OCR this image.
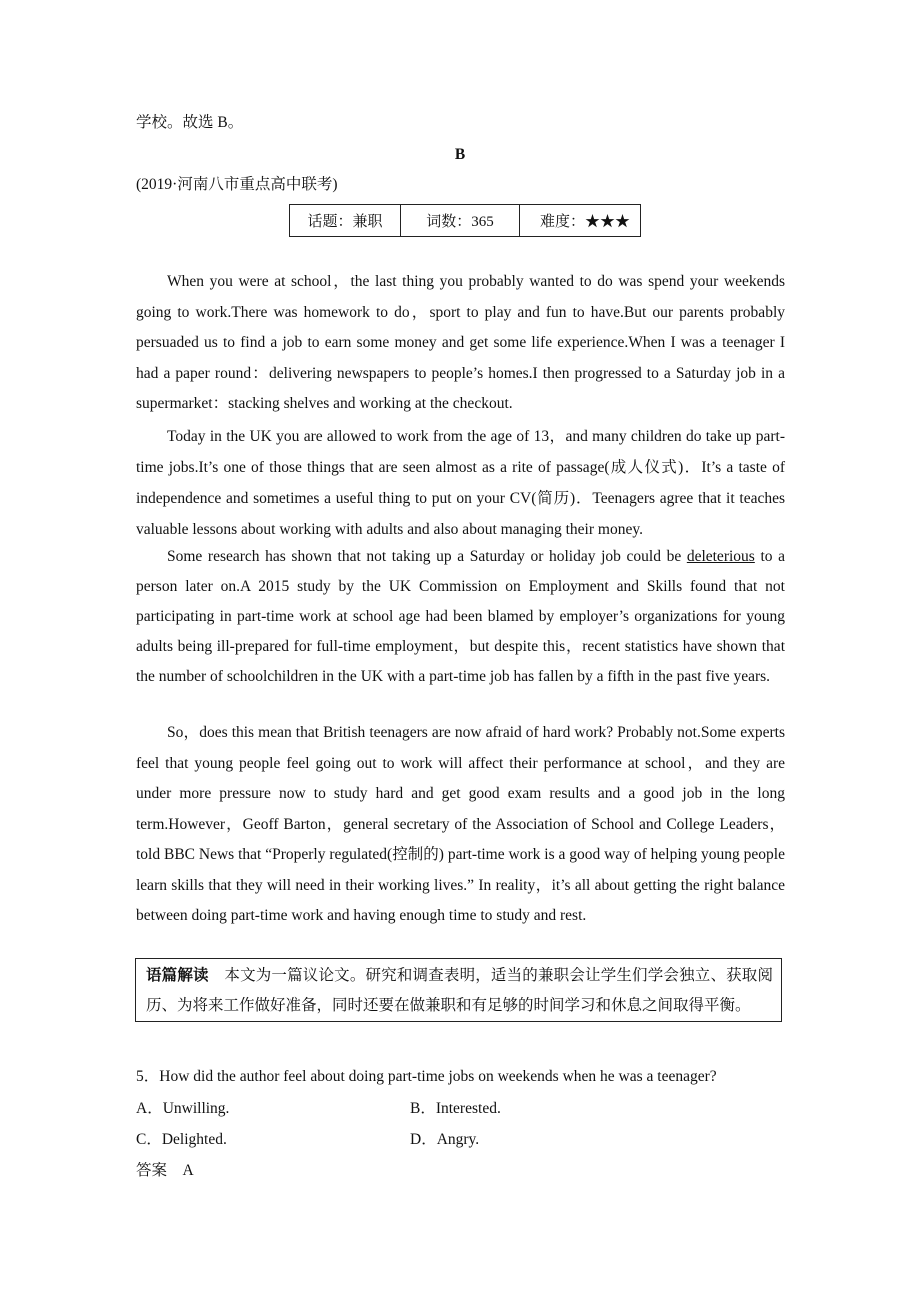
学校。故选 B。
B
(2019·河南八市重点高中联考)
话题：兼职	词数：365	难度：★★★
When you were at school，the last thing you probably wanted to do was spend your weekends going to work.There was homework to do，sport to play and fun to have.But our parents probably persuaded us to find a job to earn some money and get some life experience.When I was a teenager I had a paper round：delivering newspapers to people’s homes.I then progressed to a Saturday job in a supermarket：stacking shelves and working at the checkout.
Today in the UK you are allowed to work from the age of 13，and many children do take up part-time jobs.It’s one of those things that are seen almost as a rite of passage(成人仪式)．It’s a taste of independence and sometimes a useful thing to put on your CV(简历)．Teenagers agree that it teaches valuable lessons about working with adults and also about managing their money.
Some research has shown that not taking up a Saturday or holiday job could be deleterious to a person later on.A 2015 study by the UK Commission on Employment and Skills found that not participating in part-time work at school age had been blamed by employer’s organizations for young adults being ill-prepared for full-time employment，but despite this，recent statistics have shown that the number of schoolchildren in the UK with a part-time job has fallen by a fifth in the past five years.
So，does this mean that British teenagers are now afraid of hard work? Probably not.Some experts feel that young people feel going out to work will affect their performance at school，and they are under more pressure now to study hard and get good exam results and a good job in the long term.However，Geoff Barton，general secretary of the Association of School and College Leaders，told BBC News that “Properly regulated(控制的) part-time work is a good way of helping young people learn skills that they will need in their working lives.” In reality，it’s all about getting the right balance between doing part-time work and having enough time to study and rest.
语篇解读　本文为一篇议论文。研究和调查表明，适当的兼职会让学生们学会独立、获取阅历、为将来工作做好准备，同时还要在做兼职和有足够的时间学习和休息之间取得平衡。
5．How did the author feel about doing part-time jobs on weekends when he was a teenager?
A．Unwilling.	B．Interested.
C．Delighted.	D．Angry.
答案　A
